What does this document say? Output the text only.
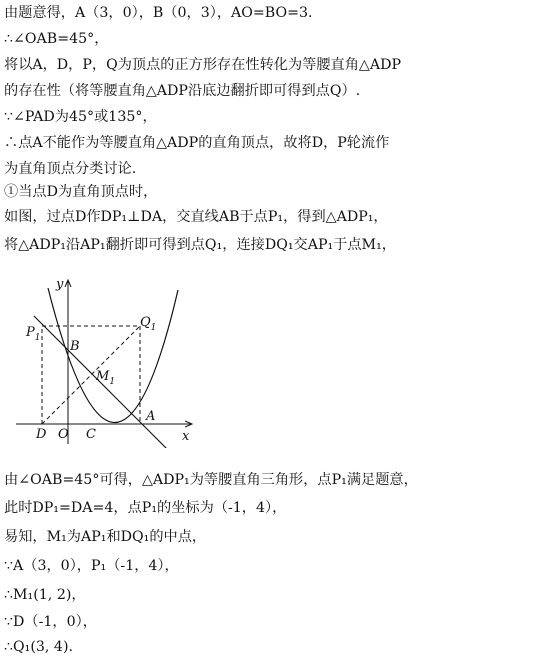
由题意得，A（3，0），B（0，3），AO=BO=3.
∴∠OAB=45°，
将以A，D，P，Q为顶点的正方形存在性转化为等腰直角△ADP
的存在性（将等腰直角△ADP沿底边翻折即可得到点Q）.
∵∠PAD为45°或135°，
∴点A不能作为等腰直角△ADP的直角顶点，故将D，P轮流作
为直角顶点分类讨论.
①当点D为直角顶点时，
如图，过点D作DP₁⊥DA，交直线AB于点P₁，得到△ADP₁，
将△ADP₁沿AP₁翻折即可得到点Q₁，连接DQ₁交AP₁于点M₁，
y
x
$P_1$
$Q_1$
B
$M_1$
D O C
A
由∠OAB=45°可得，△ADP₁为等腰直角三角形，点P₁满足题意，
此时DP₁=DA=4，点P₁的坐标为（-1，4），
易知，M₁为AP₁和DQ₁的中点，
∵A（3，0），P₁（-1，4），
∴M₁(1, 2)，
∵D（-1，0），
∴Q₁(3, 4).
